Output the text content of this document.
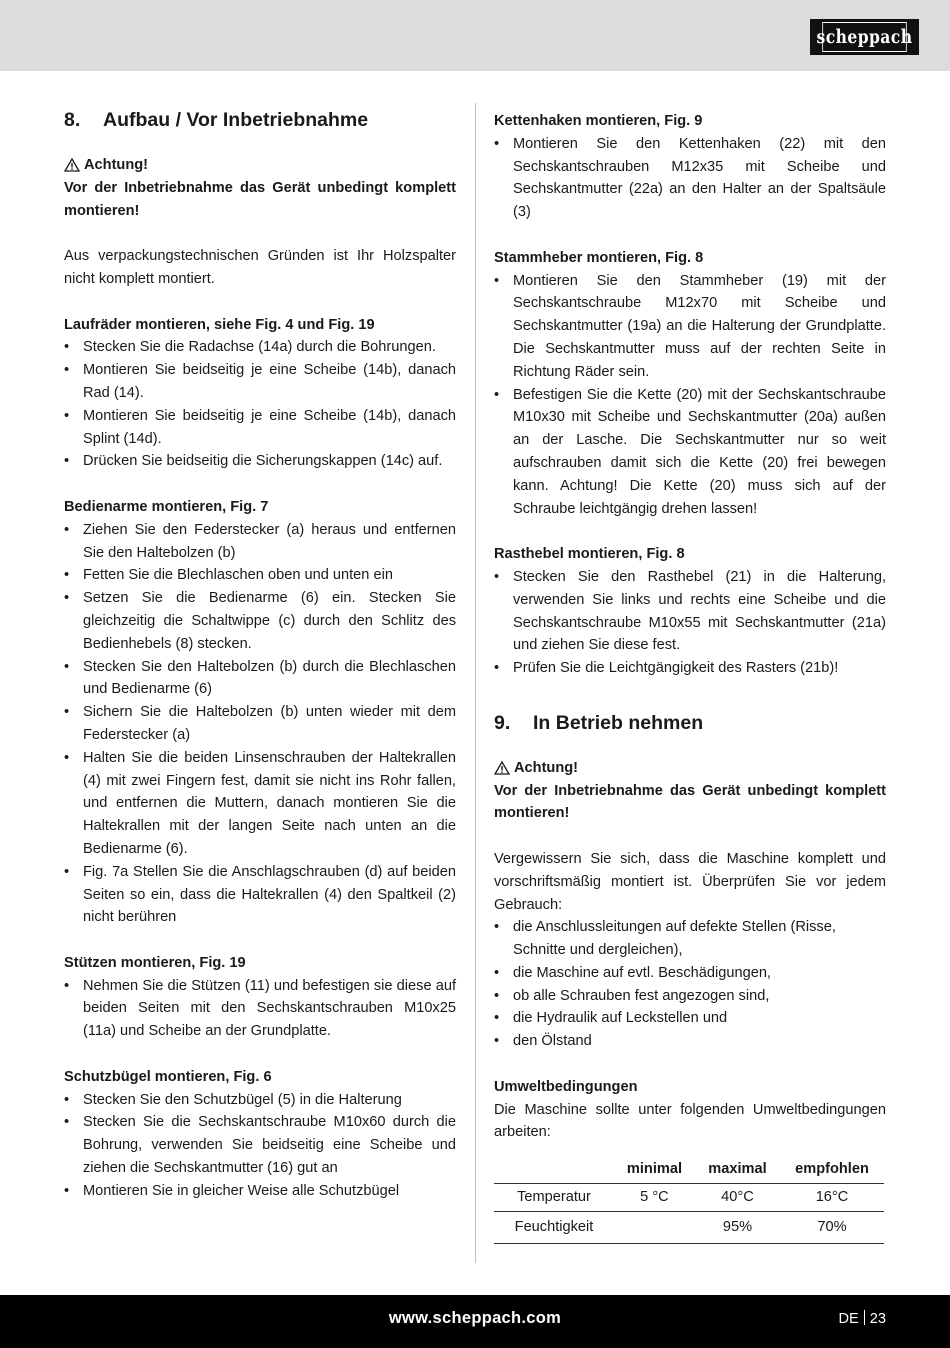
scheppach
8.	Aufbau / Vor Inbetriebnahme
Achtung!

Vor der Inbetriebnahme das Gerät unbedingt komplett montieren!

Aus verpackungstechnischen Gründen ist Ihr Holzspalter nicht komplett montiert.

Laufräder montieren, siehe Fig. 4 und Fig. 19

• Stecken Sie die Radachse (14a) durch die Bohrungen.
• Montieren Sie beidseitig je eine Scheibe (14b), danach Rad (14).
• Montieren Sie beidseitig je eine Scheibe (14b), danach Splint (14d).
• Drücken Sie beidseitig die Sicherungskappen (14c) auf.

Bedienarme montieren, Fig. 7

• Ziehen Sie den Federstecker (a) heraus und entfernen Sie den Haltebolzen (b)
• Fetten Sie die Blechlaschen oben und unten ein
• Setzen Sie die Bedienarme (6) ein. Stecken Sie gleichzeitig die Schaltwippe (c) durch den Schlitz des Bedienhebels (8) stecken.
• Stecken Sie den Haltebolzen (b) durch die Blechlaschen und Bedienarme (6)
• Sichern Sie die Haltebolzen (b) unten wieder mit dem Federstecker (a)
• Halten Sie die beiden Linsenschrauben der Haltekrallen (4) mit zwei Fingern fest, damit sie nicht ins Rohr fallen, und entfernen die Muttern, danach montieren Sie die Haltekrallen mit der langen Seite nach unten an die Bedienarme (6).
• Fig. 7a Stellen Sie die Anschlagschrauben (d) auf beiden Seiten so ein, dass die Haltekrallen (4) den Spaltkeil (2) nicht berühren

Stützen montieren, Fig. 19

• Nehmen Sie die Stützen (11) und befestigen sie diese auf beiden Seiten mit den Sechskantschrauben M10x25 (11a) und Scheibe an der Grundplatte.

Schutzbügel montieren, Fig. 6

• Stecken Sie den Schutzbügel (5) in die Halterung
• Stecken Sie die Sechskantschraube M10x60 durch die Bohrung, verwenden Sie beidseitig eine Scheibe und ziehen die Sechskantmutter (16) gut an
• Montieren Sie in gleicher Weise alle Schutzbügel

Kettenhaken montieren, Fig. 9

• Montieren Sie den Kettenhaken (22) mit den Sechskantschrauben M12x35 mit Scheibe und Sechskantmutter (22a) an den Halter an der Spaltsäule (3)

Stammheber montieren, Fig. 8

• Montieren Sie den Stammheber (19) mit der Sechskantschraube M12x70 mit Scheibe und Sechskantmutter (19a) an die Halterung der Grundplatte. Die Sechskantmutter muss auf der rechten Seite in Richtung Räder sein.
• Befestigen Sie die Kette (20) mit der Sechskantschraube M10x30 mit Scheibe und Sechskantmutter (20a) außen an der Lasche. Die Sechskantmutter nur so weit aufschrauben damit sich die Kette (20) frei bewegen kann. Achtung! Die Kette (20) muss sich auf der Schraube leichtgängig drehen lassen!

Rasthebel montieren, Fig. 8

• Stecken Sie den Rasthebel (21) in die Halterung, verwenden Sie links und rechts eine Scheibe und die Sechskantschraube M10x55 mit Sechskantmutter (21a) und ziehen Sie diese fest.
• Prüfen Sie die Leichtgängigkeit des Rasters (21b)!
9.	In Betrieb nehmen
Achtung!

Vor der Inbetriebnahme das Gerät unbedingt komplett montieren!

Vergewissern Sie sich, dass die Maschine komplett und vorschriftsmäßig montiert ist. Überprüfen Sie vor jedem Gebrauch:

• die Anschlussleitungen auf defekte Stellen (Risse, Schnitte und dergleichen),
• die Maschine auf evtl. Beschädigungen,
• ob alle Schrauben fest angezogen sind,
• die Hydraulik auf Leckstellen und
• den Ölstand

Umweltbedingungen

Die Maschine sollte unter folgenden Umweltbedingungen arbeiten:

	minimal	maximal	empfohlen
Temperatur	5 °C	40°C	16°C
Feuchtigkeit		95%	70%
www.scheppach.com	DE 23
